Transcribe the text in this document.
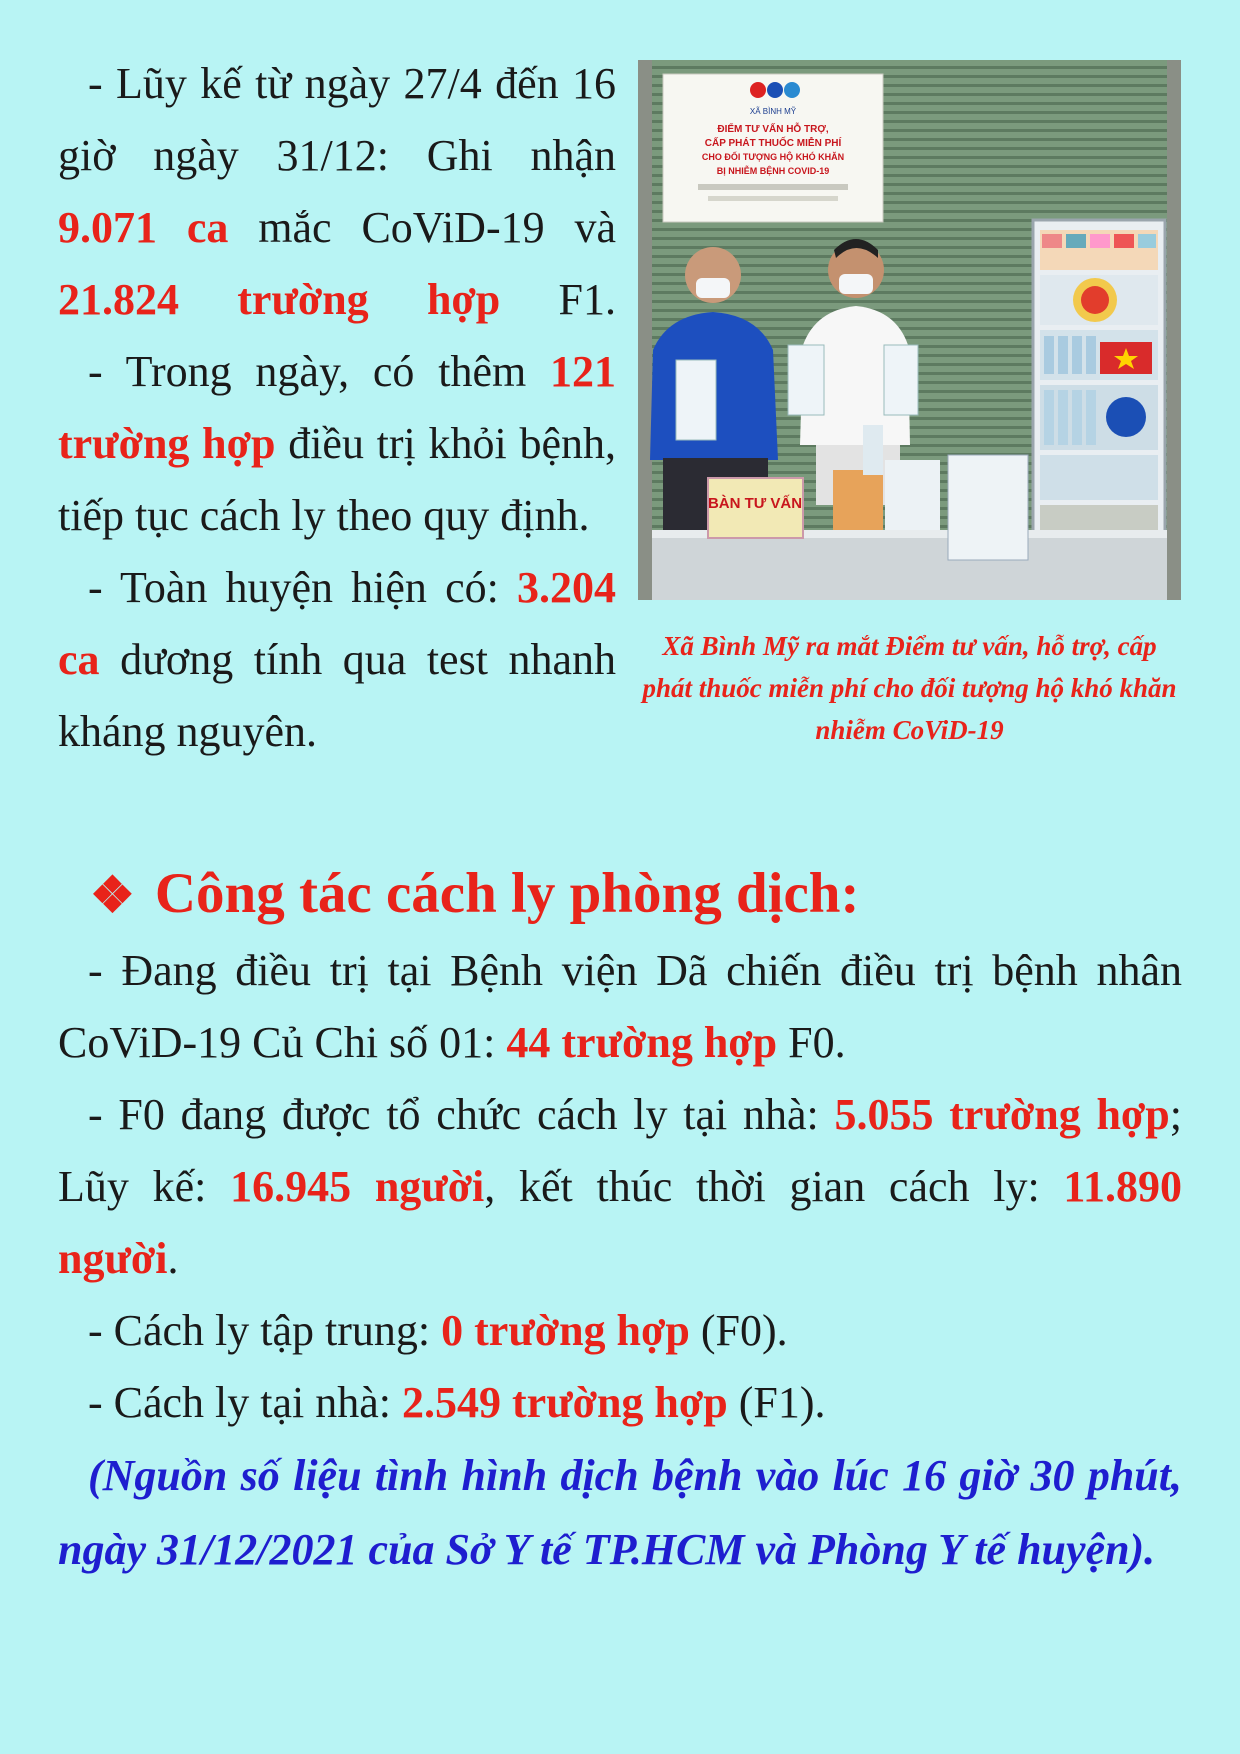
- Lũy kế từ ngày 27/4 đến 16 giờ ngày 31/12: Ghi nhận 9.071 ca mắc CoViD-19 và 21.824 trường hợp F1.

- Trong ngày, có thêm 121 trường hợp điều trị khỏi bệnh, tiếp tục cách ly theo quy định.

- Toàn huyện hiện có: 3.204 ca dương tính qua test nhanh kháng nguyên.

XÃ BÌNH MỸ
ĐIỂM TƯ VẤN HỖ TRỢ,
CẤP PHÁT THUỐC MIỄN PHÍ
CHO ĐỐI TƯỢNG HỘ KHÓ KHĂN
BỊ NHIỄM BỆNH COVID-19
BÀN TƯ VẤN
Xã Bình Mỹ ra mắt Điểm tư vấn, hỗ trợ, cấp phát thuốc miễn phí cho đối tượng hộ khó khăn nhiễm CoViD-19
❖ Công tác cách ly phòng dịch:

- Đang điều trị tại Bệnh viện Dã chiến điều trị bệnh nhân CoViD-19 Củ Chi số 01: 44 trường hợp F0.

- F0 đang được tổ chức cách ly tại nhà: 5.055 trường hợp; Lũy kế: 16.945 người, kết thúc thời gian cách ly: 11.890 người.

- Cách ly tập trung: 0 trường hợp (F0).

- Cách ly tại nhà: 2.549 trường hợp (F1).

(Nguồn số liệu tình hình dịch bệnh vào lúc 16 giờ 30 phút, ngày 31/12/2021 của Sở Y tế TP.HCM và Phòng Y tế huyện).
